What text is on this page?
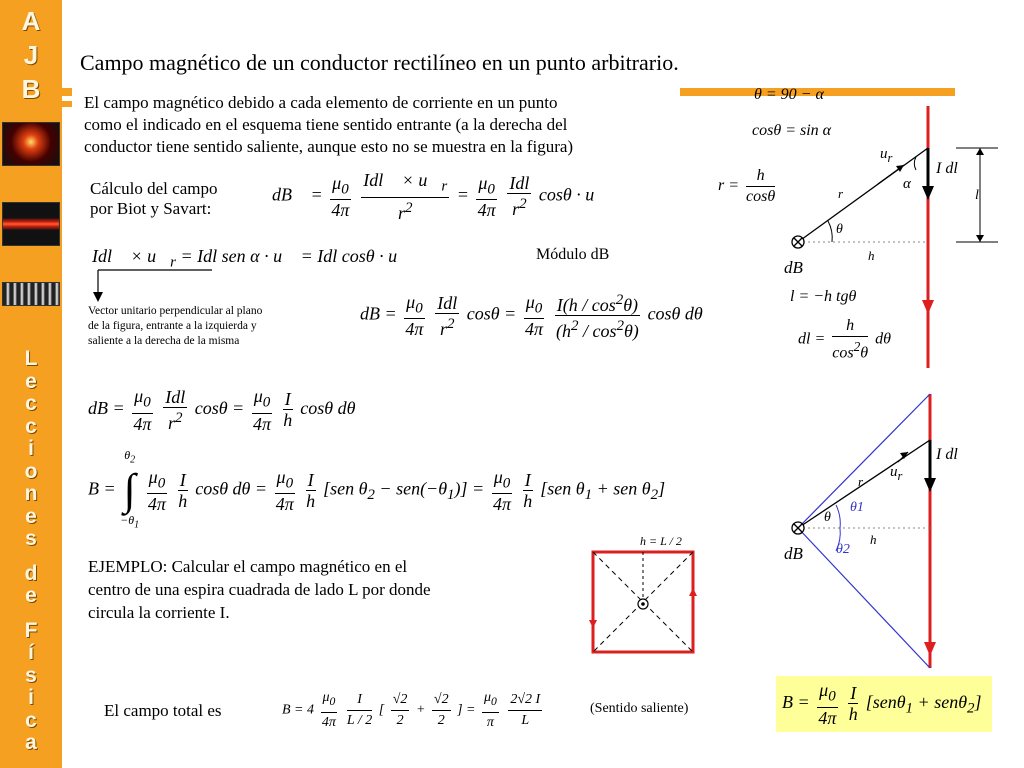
A
J
B
L
e
c
c
i
o
n
e
s
d
e
F
í
s
i
c
a
Campo magnético de un conductor rectilíneo en un punto arbitrario.
El campo magnético debido a cada elemento de corriente en un punto
como el indicado en el esquema tiene sentido entrante (a la derecha del
conductor tiene sentido saliente, aunque esto no se muestra en la figura)
Cálculo del campo
por Biot y Savart:
dB⃗ = $\frac{\mu_0}{4\pi}$
$\frac{Idl⃗ \times u⃗_r}{r^2} = \frac{\mu_0}{4\pi}$
$\frac{\text{Idl}}{r^2}$ cosθ · u⃗
Idl⃗ × $u⃗_r$ = Idl sen α · u⃗ = Idl cosθ · u⃗	Módulo dB
Vector unitario perpendicular al plano
de la figura, entrante a la izquierda y
saliente a la derecha de la misma
dB = $\frac{\mu_0}{4\pi}$
$\frac{\text{Idl}}{r^2}$ $\cos\theta = \frac{\mu_0}{4\pi}$
$\frac{I(h / \cos^2\theta)}{(h^2 / \cos^2\theta)}$ cosθ dθ
dB = $\frac{\mu_0}{4\pi}$
$\frac{\text{Idl}}{r^2}$ $\cos\theta = \frac{\mu_0}{4\pi}$
$\frac{I}{h}$ cosθ dθ
$B = \theta_2$
∫
$-\theta_1$
$\frac{\mu_0}{4\pi}$
$\frac{I}{h}$ cosθ $d\theta = \frac{\mu_0}{4\pi}$
$\frac{I}{h} [sen$ $\theta_2 - sen(-\theta_1)] = \frac{\mu_0}{4\pi}$
$\frac{I}{h} [sen$ $\theta_1$ + sen $\theta_2$]
EJEMPLO: Calcular el campo magnético en el
centro de una espira cuadrada de lado L por donde
circula la corriente I.
h = L / 2
El campo total es	$B = 4 \frac{\mu_0}{4\pi}$
$\frac{I}{L / 2}$ [ $\frac{√2}{2} + \frac{√2}{2}$ ] = $\frac{\mu_0}{\pi}$
$\frac{2√2 I}{L}$	(Sentido saliente)	$B = \frac{\mu_0}{4\pi}$
$\frac{I}{h} [sen\theta_1 + sen\theta_2]$
θ = 90 − α
cosθ = sin α
$r = \frac{h}{\cos\theta}$
l = −h tgθ
dl = $\frac{h}{\cos^2\theta}$ dθ
$u_r$
α
I dl
r	l
θ
h
dB
I dl
$u_r$
r
θ
θ1
h
θ2
dB
